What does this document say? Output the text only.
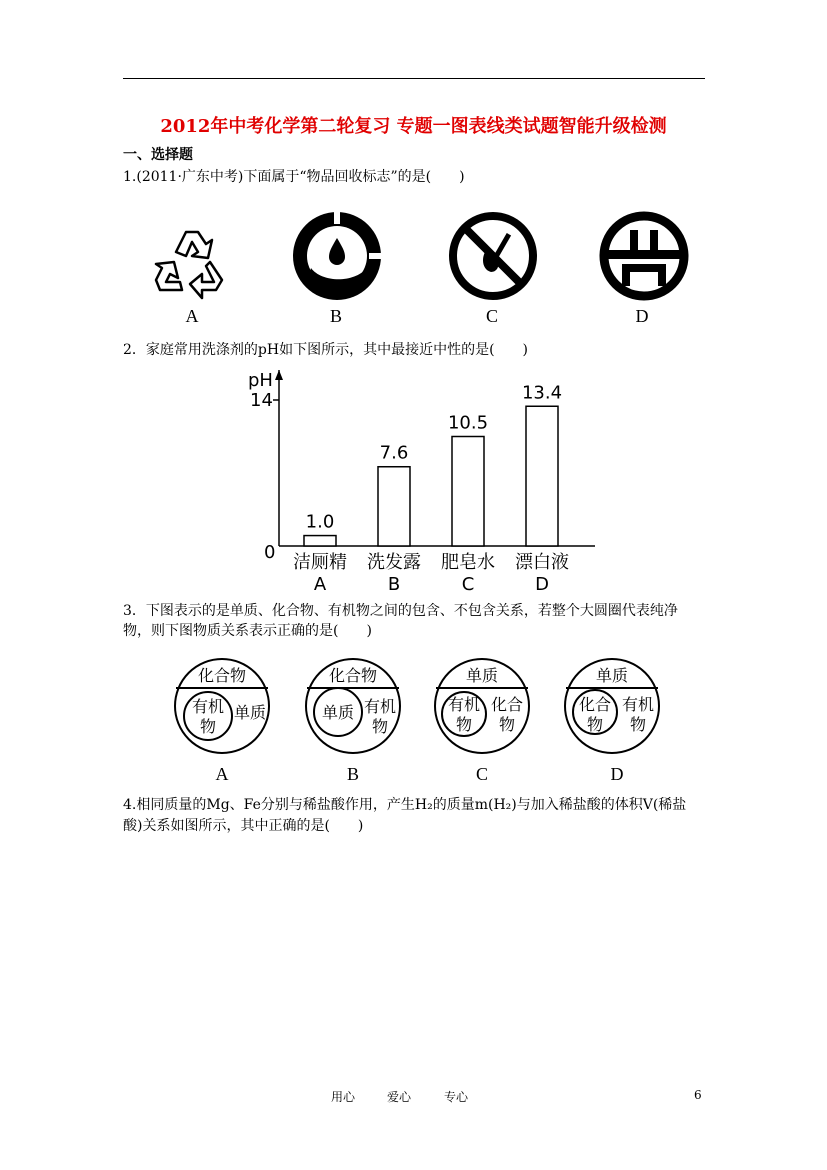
2012年中考化学第二轮复习 专题一图表线类试题智能升级检测
一、选择题
1.(2011·广东中考)下面属于“物品回收标志”的是(　　)
A	B	C	D
2．家庭常用洗涤剂的pH如下图所示，其中最接近中性的是(　　)
pH
14
0
1.0
洁厕精
A
7.6
洗发露
B
10.5
肥皂水
C
13.4
漂白液
D
3．下图表示的是单质、化合物、有机物之间的包含、不包含关系，若整个大圆圈代表纯净
物，则下图物质关系表示正确的是(　　)
化合物
有机
物
单质
化合物
单质 有机
物
单质
有机
物
化合
物
单质
化合
物
有机
物
A	B	C	D
4.相同质量的Mg、Fe分别与稀盐酸作用，产生H₂的质量m(H₂)与加入稀盐酸的体积V(稀盐
酸)关系如图所示，其中正确的是(　　)
用心	爱心	专心	6
